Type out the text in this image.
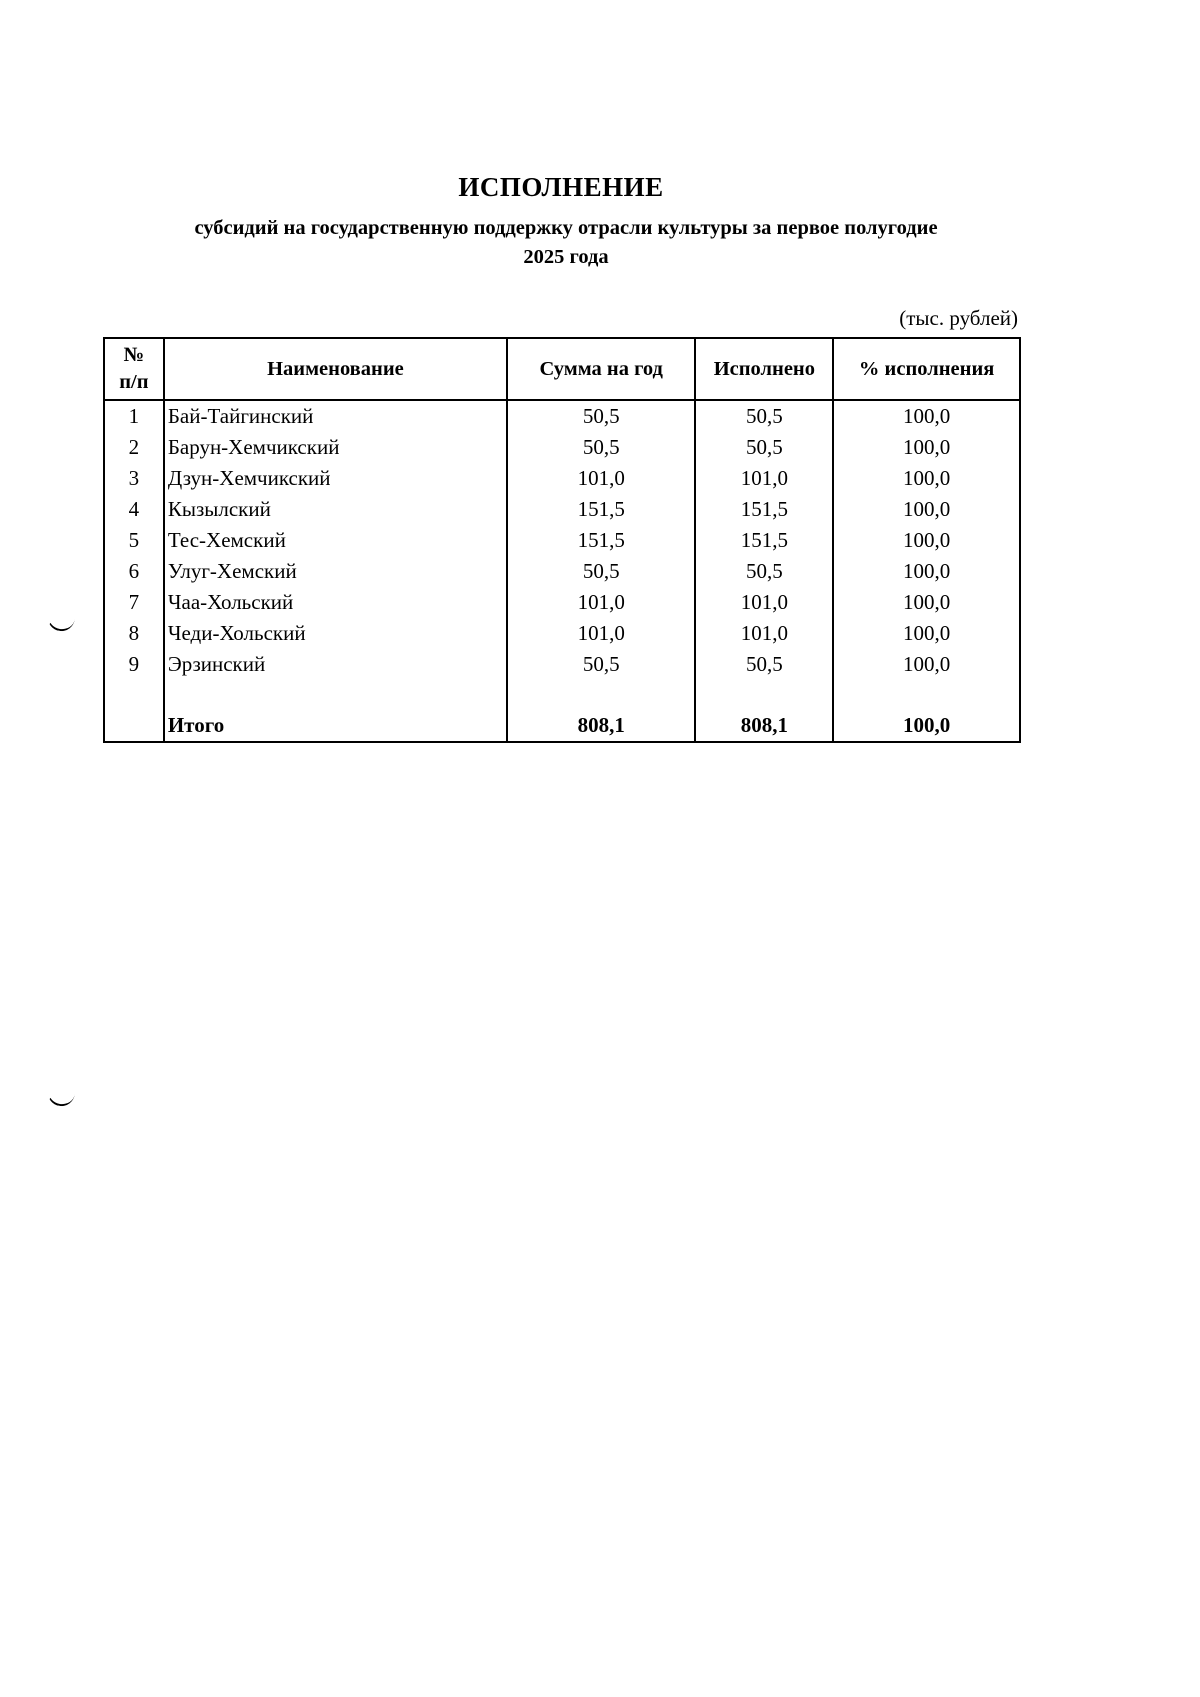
ИСПОЛНЕНИЕ
субсидий на государственную поддержку отрасли культуры за первое полугодие
2025 года
(тыс. рублей)
№
п/п	Наименование	Сумма на год	Исполнено	% исполнения
1	Бай-Тайгинский	50,5	50,5	100,0
2	Барун-Хемчикский	50,5	50,5	100,0
3	Дзун-Хемчикский	101,0	101,0	100,0
4	Кызылский	151,5	151,5	100,0
5	Тес-Хемский	151,5	151,5	100,0
6	Улуг-Хемский	50,5	50,5	100,0
7	Чаа-Хольский	101,0	101,0	100,0
8	Чеди-Хольский	101,0	101,0	100,0
9	Эрзинский	50,5	50,5	100,0

	Итого	808,1	808,1	100,0
